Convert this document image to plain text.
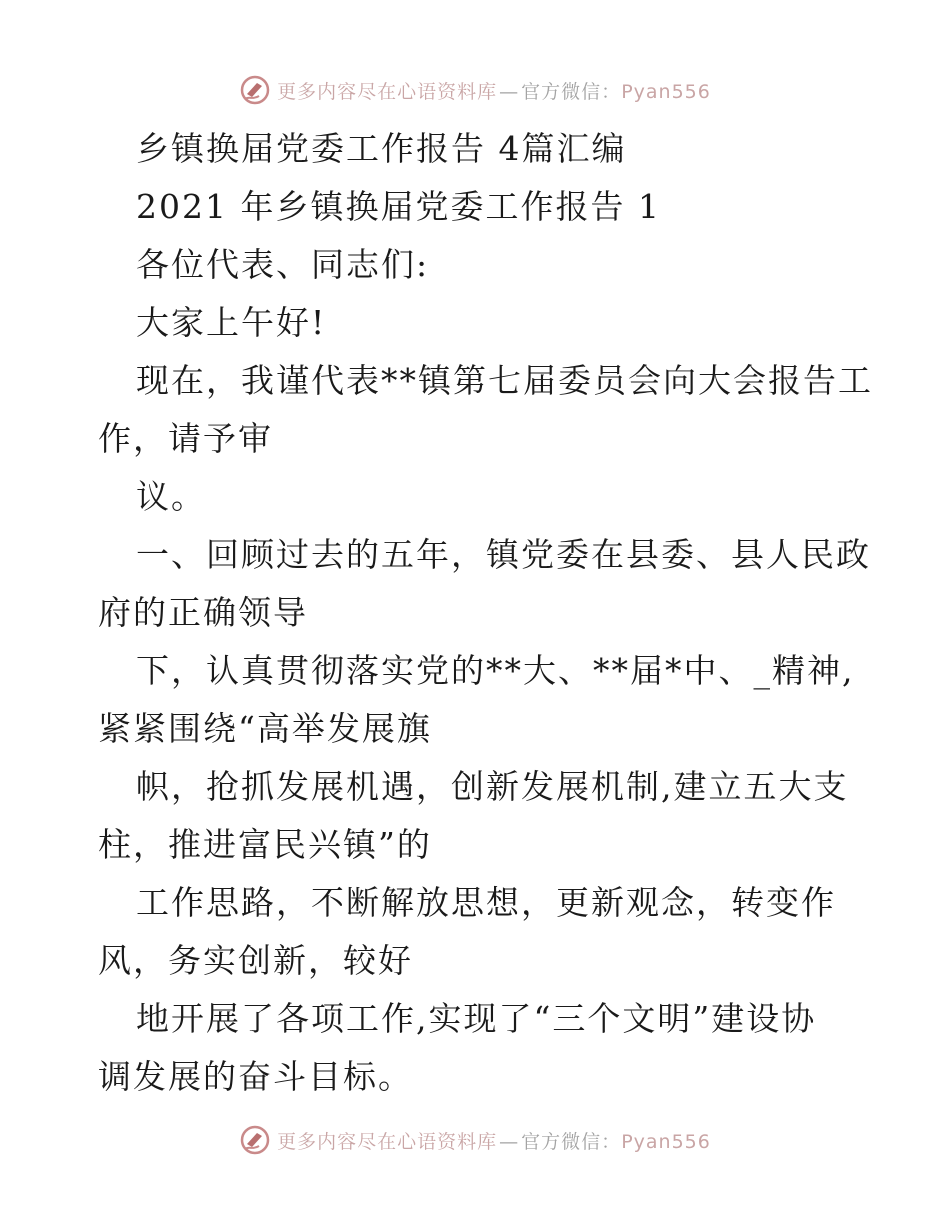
更多内容尽在心语资料库 — 官方微信：Pyan556
乡镇换届党委工作报告 4篇汇编
2021 年乡镇换届党委工作报告 1
各位代表、同志们:
大家上午好!
现在，我谨代表**镇第七届委员会向大会报告工
作，请予审
议。
一、回顾过去的五年，镇党委在县委、县人民政
府的正确领导
下，认真贯彻落实党的**大、**届*中、_精神,
紧紧围绕“高举发展旗
帜，抢抓发展机遇，创新发展机制,建立五大支
柱，推进富民兴镇”的
工作思路，不断解放思想，更新观念，转变作
风，务实创新，较好
地开展了各项工作,实现了“三个文明”建设协
调发展的奋斗目标。
更多内容尽在心语资料库 — 官方微信：Pyan556
